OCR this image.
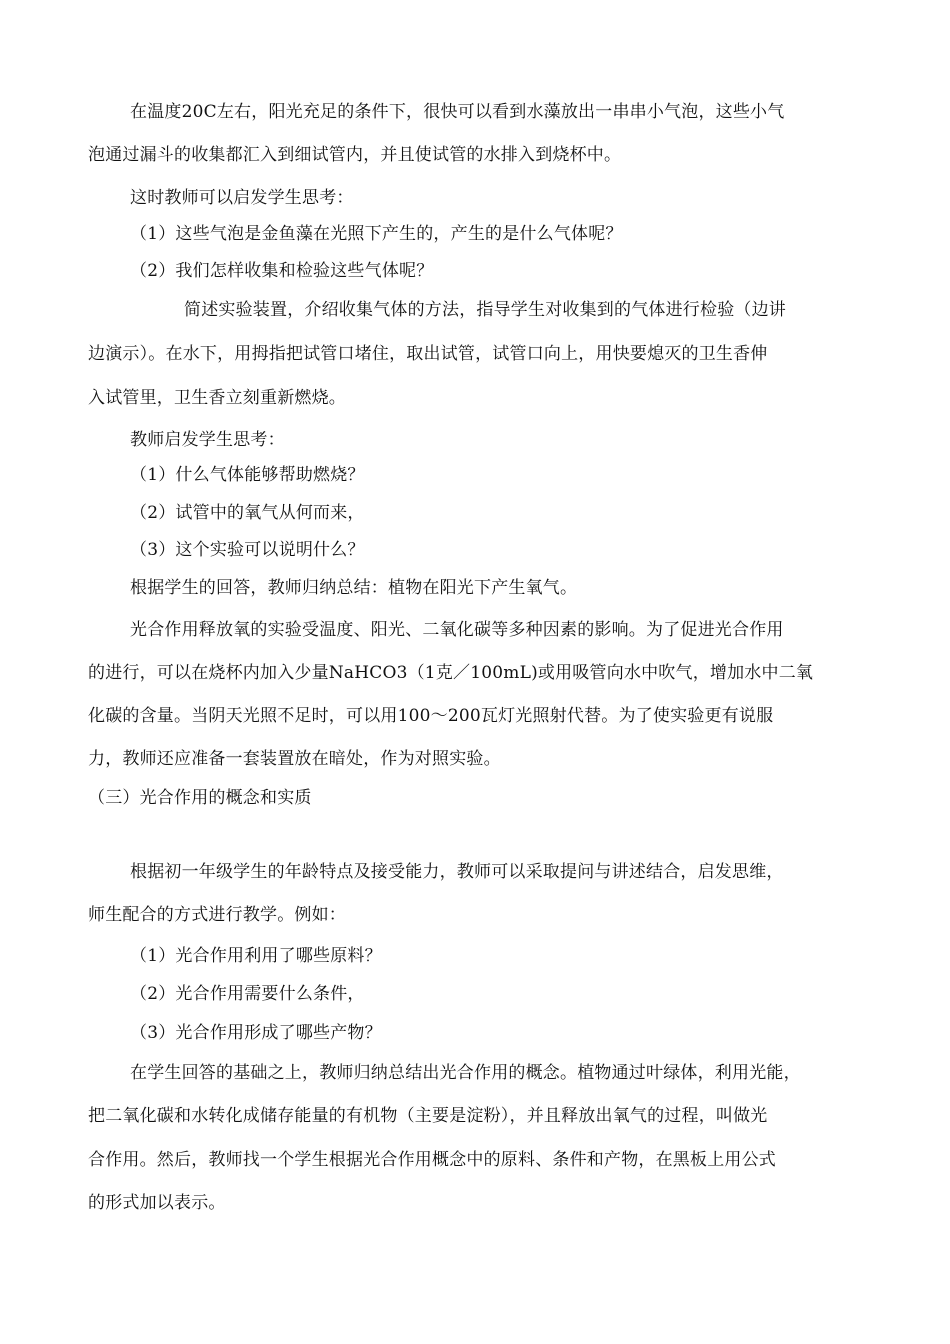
在温度20C左右，阳光充足的条件下，很快可以看到水藻放出一串串小气泡，这些小气
泡通过漏斗的收集都汇入到细试管内，并且使试管的水排入到烧杯中。
这时教师可以启发学生思考：
（1）这些气泡是金鱼藻在光照下产生的，产生的是什么气体呢？
（2）我们怎样收集和检验这些气体呢？
简述实验装置，介绍收集气体的方法，指导学生对收集到的气体进行检验（边讲
边演示）。在水下，用拇指把试管口堵住，取出试管，试管口向上，用快要熄灭的卫生香伸
入试管里，卫生香立刻重新燃烧。
教师启发学生思考：
（1）什么气体能够帮助燃烧？
（2）试管中的氧气从何而来，
（3）这个实验可以说明什么？
根据学生的回答，教师归纳总结：植物在阳光下产生氧气。
光合作用释放氧的实验受温度、阳光、二氧化碳等多种因素的影响。为了促进光合作用
的进行，可以在烧杯内加入少量NaHCO3（1克／100mL)或用吸管向水中吹气，增加水中二氧
化碳的含量。当阴天光照不足时，可以用100～200瓦灯光照射代替。为了使实验更有说服
力，教师还应准备一套装置放在暗处，作为对照实验。
（三）光合作用的概念和实质
根据初一年级学生的年龄特点及接受能力，教师可以采取提问与讲述结合，启发思维，
师生配合的方式进行教学。例如：
（1）光合作用利用了哪些原料？
（2）光合作用需要什么条件，
（3）光合作用形成了哪些产物？
在学生回答的基础之上，教师归纳总结出光合作用的概念。植物通过叶绿体，利用光能，
把二氧化碳和水转化成储存能量的有机物（主要是淀粉），并且释放出氧气的过程，叫做光
合作用。然后，教师找一个学生根据光合作用概念中的原料、条件和产物，在黑板上用公式
的形式加以表示。
